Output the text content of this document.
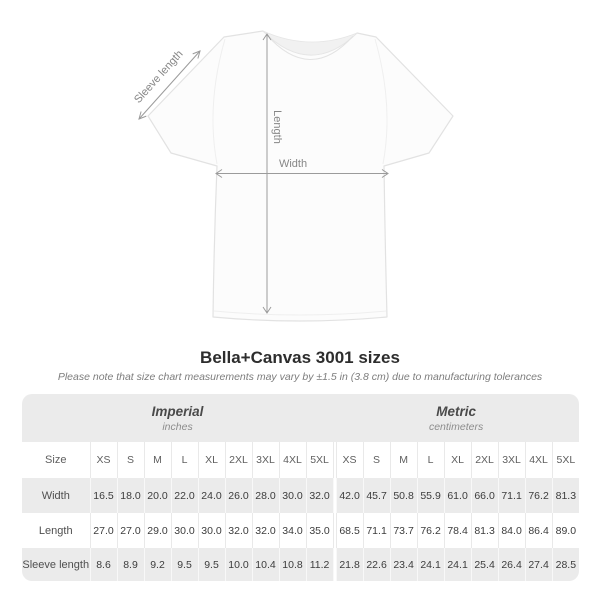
Sleeve length
Length
Width
Bella+Canvas 3001 sizes

Please note that size chart measurements may vary by ±1.5 in (3.8 cm) due to manufacturing tolerances

Imperial
inches

Metric
centimeters

Size	XS	S	M	L	XL	2XL	3XL	4XL	5XL		XS	S	M	L	XL	2XL	3XL	4XL	5XL
Width	16.5	18.0	20.0	22.0	24.0	26.0	28.0	30.0	32.0		42.0	45.7	50.8	55.9	61.0	66.0	71.1	76.2	81.3
Length	27.0	27.0	29.0	30.0	30.0	32.0	32.0	34.0	35.0		68.5	71.1	73.7	76.2	78.4	81.3	84.0	86.4	89.0
Sleeve length	8.6	8.9	9.2	9.5	9.5	10.0	10.4	10.8	11.2		21.8	22.6	23.4	24.1	24.1	25.4	26.4	27.4	28.5
